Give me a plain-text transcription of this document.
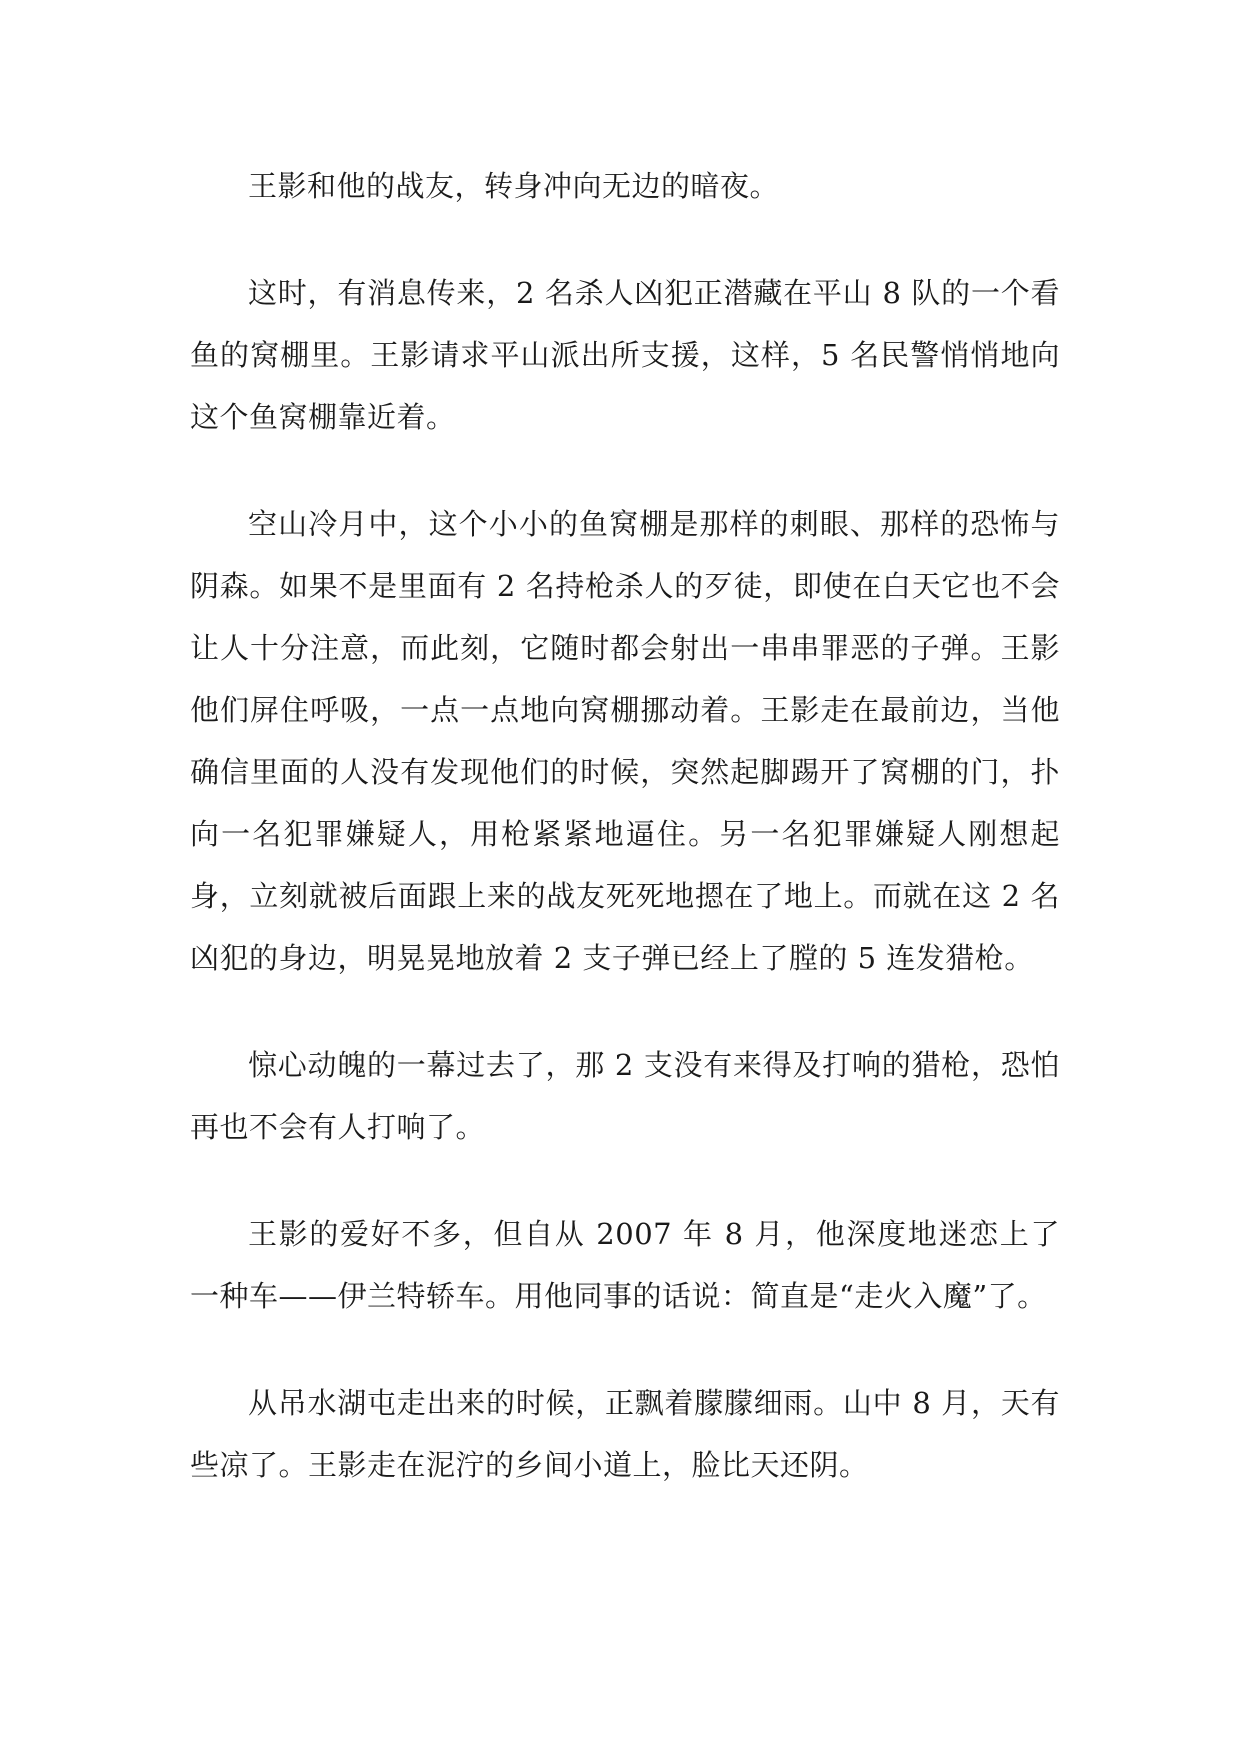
王影和他的战友，转身冲向无边的暗夜。

这时，有消息传来，2 名杀人凶犯正潜藏在平山 8 队的一个看鱼的窝棚里。王影请求平山派出所支援，这样，5 名民警悄悄地向这个鱼窝棚靠近着。

空山冷月中，这个小小的鱼窝棚是那样的刺眼、那样的恐怖与阴森。如果不是里面有 2 名持枪杀人的歹徒，即使在白天它也不会让人十分注意，而此刻，它随时都会射出一串串罪恶的子弹。王影他们屏住呼吸，一点一点地向窝棚挪动着。王影走在最前边，当他确信里面的人没有发现他们的时候，突然起脚踢开了窝棚的门，扑向一名犯罪嫌疑人，用枪紧紧地逼住。另一名犯罪嫌疑人刚想起身，立刻就被后面跟上来的战友死死地摁在了地上。而就在这 2 名凶犯的身边，明晃晃地放着 2 支子弹已经上了膛的 5 连发猎枪。

惊心动魄的一幕过去了，那 2 支没有来得及打响的猎枪，恐怕再也不会有人打响了。

王影的爱好不多，但自从 2007 年 8 月，他深度地迷恋上了一种车——伊兰特轿车。用他同事的话说：简直是“走火入魔”了。

从吊水湖屯走出来的时候，正飘着朦朦细雨。山中 8 月，天有些凉了。王影走在泥泞的乡间小道上，脸比天还阴。
